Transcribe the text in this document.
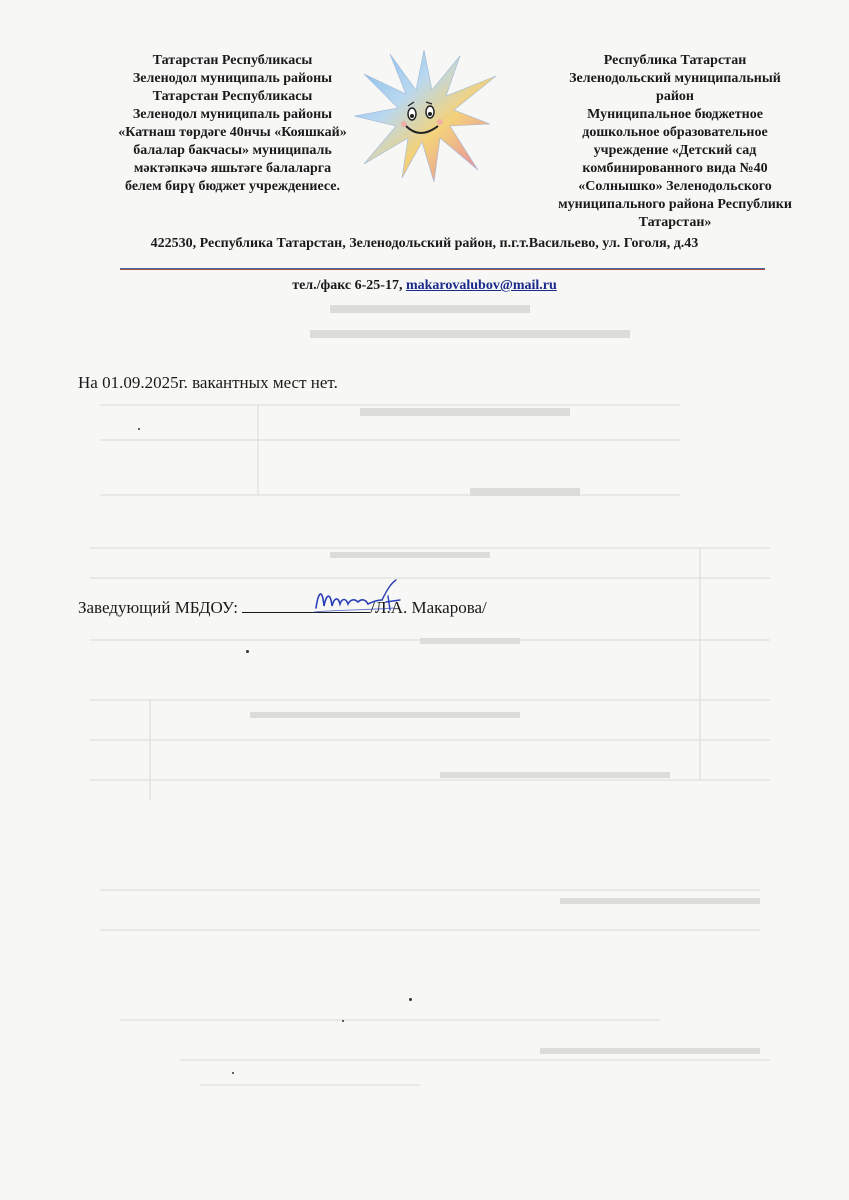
Татарстан Республикасы
Зеленодол муниципаль районы
Татарстан Республикасы
Зеленодол муниципаль районы
«Катнаш төрдәге 40нчы «Кояшкай»
балалар бакчасы» муниципаль
мәктәпкәчә яшьтәге балаларга
белем бирү бюджет учреждениесе.
Республика Татарстан
Зеленодольский муниципальный
район
Муниципальное бюджетное
дошкольное образовательное
учреждение «Детский сад
комбинированного вида №40
«Солнышко» Зеленодольского
муниципального района Республики
Татарстан»
422530, Республика Татарстан, Зеленодольский район, п.г.т.Васильево, ул. Гоголя, д.43
тел./факс 6-25-17, makarovalubov@mail.ru
На 01.09.2025г. вакантных мест нет.
Заведующий МБДОУ:	/Л.А. Макарова/
